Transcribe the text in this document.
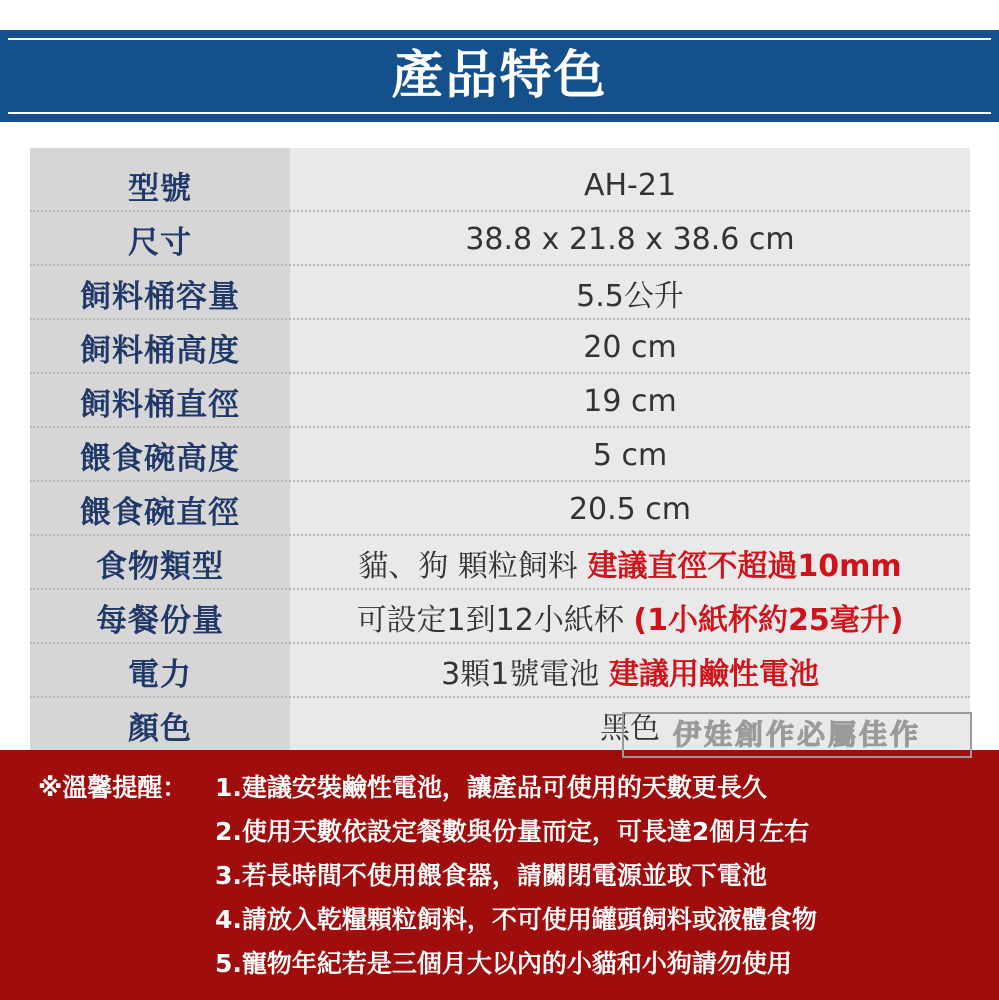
產品特色
型號	AH-21
尺寸	38.8 x 21.8 x 38.6 cm
飼料桶容量	5.5公升
飼料桶高度	20 cm
飼料桶直徑	19 cm
餵食碗高度	5 cm
餵食碗直徑	20.5 cm
食物類型	貓、狗 顆粒飼料 建議直徑不超過10mm
每餐份量	可設定1到12小紙杯 (1小紙杯約25毫升)
電力	3顆1號電池 建議用鹼性電池
顏色	黑色 伊娃創作必屬佳作
※溫馨提醒： 1.建議安裝鹼性電池，讓產品可使用的天數更長久
2.使用天數依設定餐數與份量而定，可長達2個月左右
3.若長時間不使用餵食器，請關閉電源並取下電池
4.請放入乾糧顆粒飼料，不可使用罐頭飼料或液體食物
5.寵物年紀若是三個月大以內的小貓和小狗請勿使用
